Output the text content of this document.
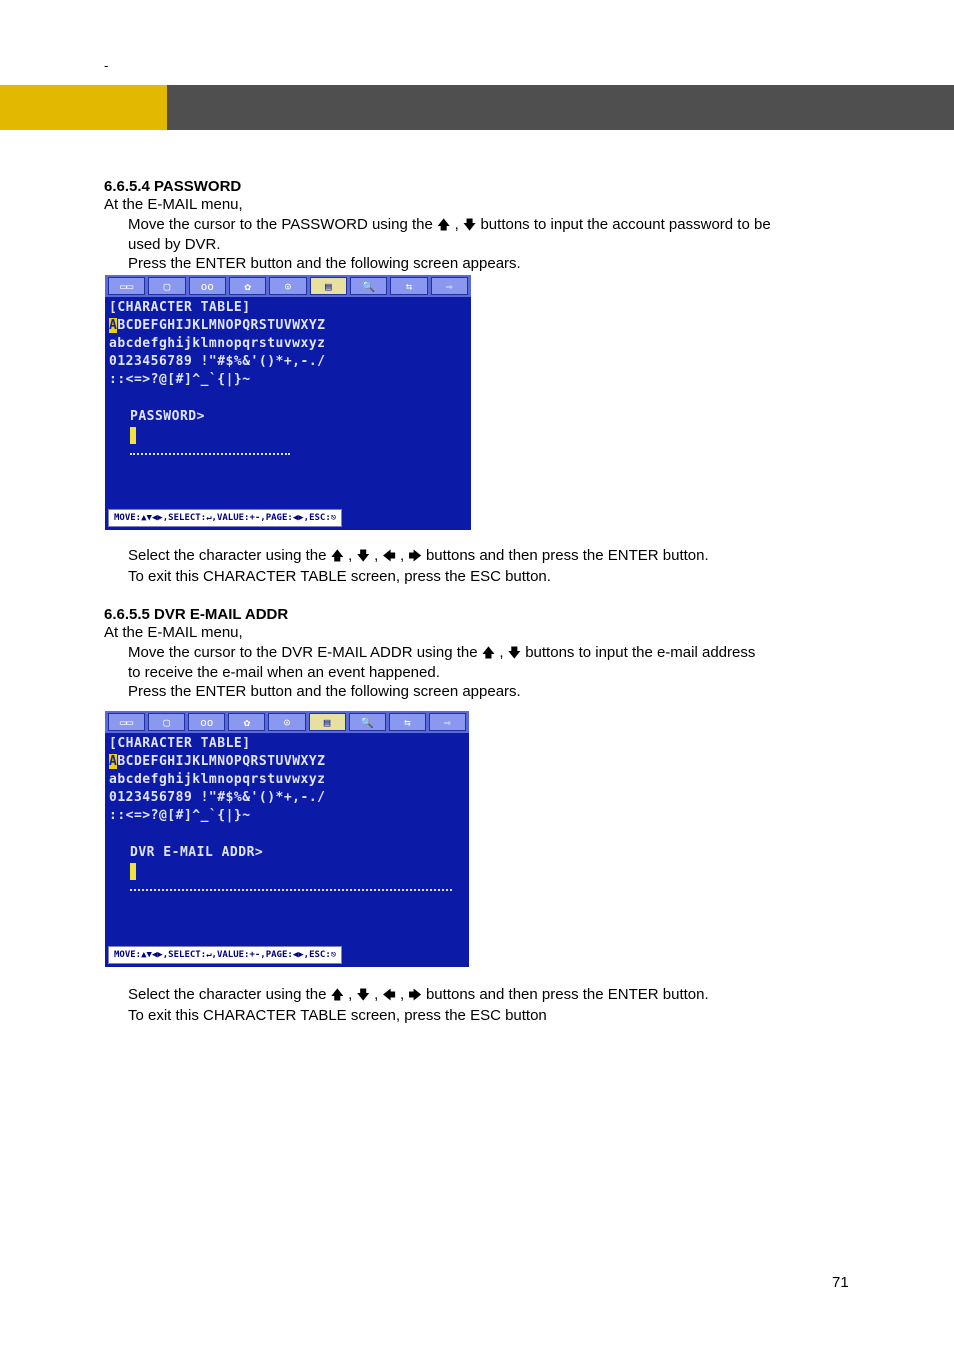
-
6.6.5.4 PASSWORD
At the E-MAIL menu,
Move the cursor to the PASSWORD using the 🡅 , 🡇 buttons to input the account password to be
used by DVR.
Press the ENTER button and the following screen appears.
▭▭	▢	oo	✿	⊙	▤	🔍	⇆	⇨
[CHARACTER TABLE]
ABCDEFGHIJKLMNOPQRSTUVWXYZ
abcdefghijklmnopqrstuvwxyz
0123456789 !"#$%&'()*+,-./
::<=>?@[#]^_`{|}~
PASSWORD>
MOVE:▲▼◀▶,SELECT:↵,VALUE:+-,PAGE:◀▶,ESC:⎋
Select the character using the 🡅 , 🡇 , 🡄 , 🡆 buttons and then press the ENTER button.
To exit this CHARACTER TABLE screen, press the ESC button.
6.6.5.5 DVR E-MAIL ADDR
At the E-MAIL menu,
Move the cursor to the DVR E-MAIL ADDR using the 🡅 , 🡇 buttons to input the e-mail address
to receive the e-mail when an event happened.
Press the ENTER button and the following screen appears.
▭▭	▢	oo	✿	⊙	▤	🔍	⇆	⇨
[CHARACTER TABLE]
ABCDEFGHIJKLMNOPQRSTUVWXYZ
abcdefghijklmnopqrstuvwxyz
0123456789 !"#$%&'()*+,-./
::<=>?@[#]^_`{|}~
DVR E-MAIL ADDR>
MOVE:▲▼◀▶,SELECT:↵,VALUE:+-,PAGE:◀▶,ESC:⎋
Select the character using the 🡅 , 🡇 , 🡄 , 🡆 buttons and then press the ENTER button.
To exit this CHARACTER TABLE screen, press the ESC button
71
